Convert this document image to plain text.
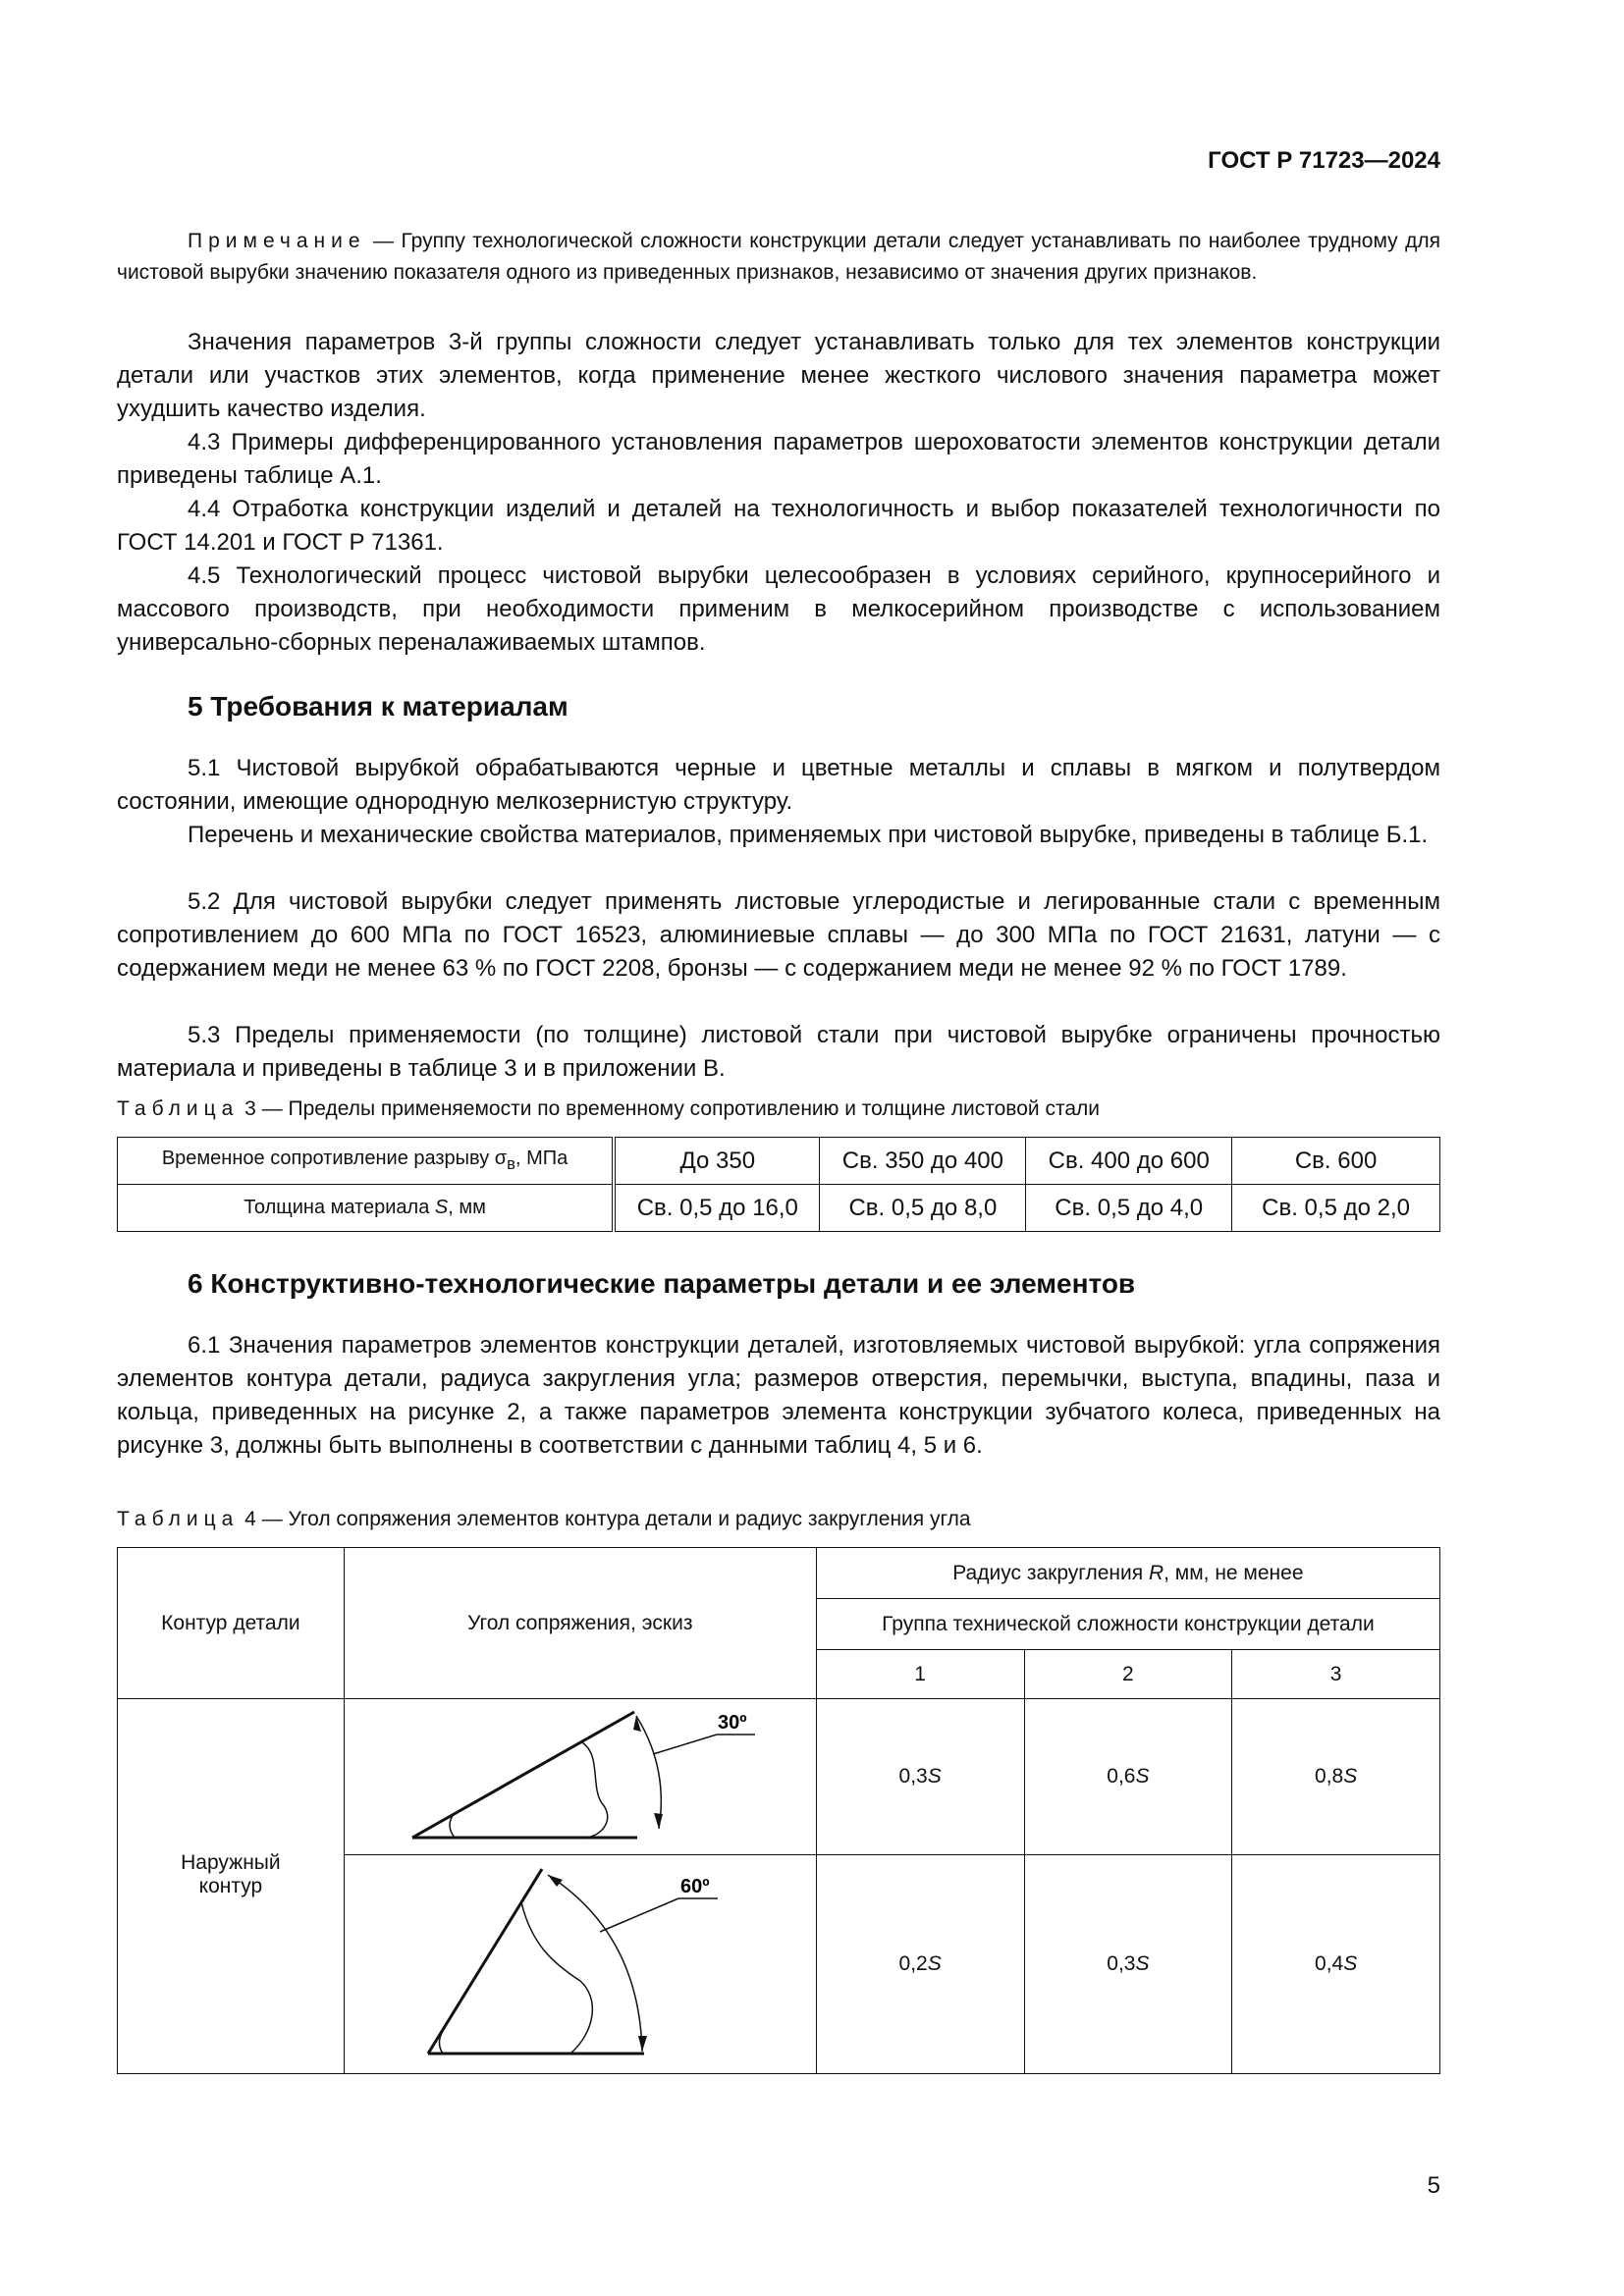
ГОСТ Р 71723—2024
Примечание — Группу технологической сложности конструкции детали следует устанавливать по наиболее трудному для чистовой вырубки значению показателя одного из приведенных признаков, независимо от значения других признаков.
Значения параметров 3-й группы сложности следует устанавливать только для тех элементов конструкции детали или участков этих элементов, когда применение менее жесткого числового значения параметра может ухудшить качество изделия.
4.3 Примеры дифференцированного установления параметров шероховатости элементов конструкции детали приведены таблице А.1.
4.4 Отработка конструкции изделий и деталей на технологичность и выбор показателей технологичности по ГОСТ 14.201 и ГОСТ Р 71361.
4.5 Технологический процесс чистовой вырубки целесообразен в условиях серийного, крупносерийного и массового производств, при необходимости применим в мелкосерийном производстве с использованием универсально-сборных переналаживаемых штампов.
5 Требования к материалам
5.1 Чистовой вырубкой обрабатываются черные и цветные металлы и сплавы в мягком и полутвердом состоянии, имеющие однородную мелкозернистую структуру.
Перечень и механические свойства материалов, применяемых при чистовой вырубке, приведены в таблице Б.1.
5.2 Для чистовой вырубки следует применять листовые углеродистые и легированные стали с временным сопротивлением до 600 МПа по ГОСТ 16523, алюминиевые сплавы — до 300 МПа по ГОСТ 21631, латуни — с содержанием меди не менее 63 % по ГОСТ 2208, бронзы — с содержанием меди не менее 92 % по ГОСТ 1789.
5.3 Пределы применяемости (по толщине) листовой стали при чистовой вырубке ограничены прочностью материала и приведены в таблице 3 и в приложении В.
Таблица 3 — Пределы применяемости по временному сопротивлению и толщине листовой стали
Временное сопротивление разрыву $\sigma_в$, МПа	До 350	Св. 350 до 400	Св. 400 до 600	Св. 600
Толщина материала S, мм	Св. 0,5 до 16,0	Св. 0,5 до 8,0	Св. 0,5 до 4,0	Св. 0,5 до 2,0
6 Конструктивно-технологические параметры детали и ее элементов
6.1 Значения параметров элементов конструкции деталей, изготовляемых чистовой вырубкой: угла сопряжения элементов контура детали, радиуса закругления угла; размеров отверстия, перемычки, выступа, впадины, паза и кольца, приведенных на рисунке 2, а также параметров элемента конструкции зубчатого колеса, приведенных на рисунке 3, должны быть выполнены в соответствии с данными таблиц 4, 5 и 6.
Таблица 4 — Угол сопряжения элементов контура детали и радиус закругления угла
Контур детали	Угол сопряжения, эскиз	Радиус закругления R, мм, не менее		
		Группа технической сложности конструкции детали		
		1	2	3

Наружный
контур	30º	0,3S	0,6S	0,8S

60º	0,2S	0,3S	0,4S
5
